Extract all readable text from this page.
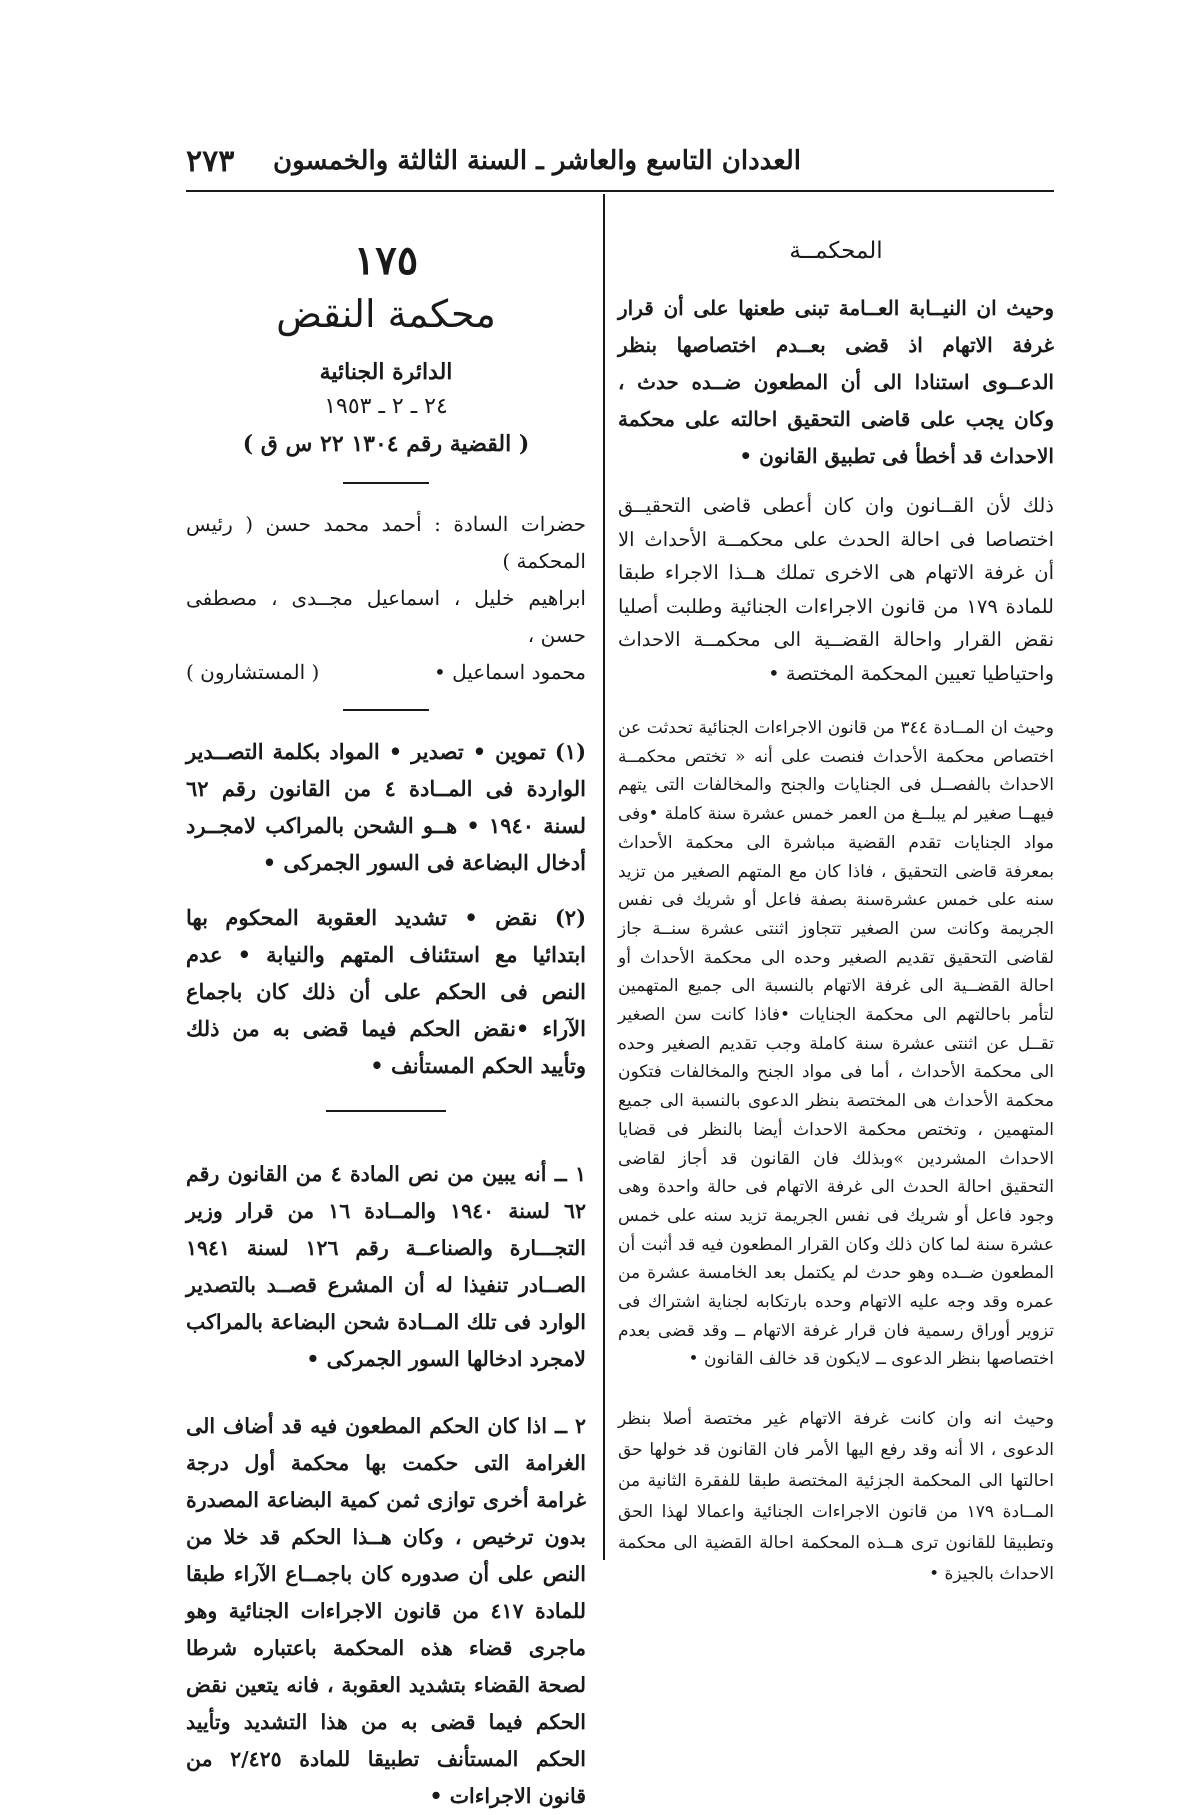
٢٧٣ العددان التاسع والعاشر ـ السنة الثالثة والخمسون
المحكمــة

وحيث ان النيــابة العــامة تبنى طعنها على أن قرار غرفة الاتهام اذ قضى بعــدم اختصاصها بنظر الدعــوى استنادا الى أن المطعون ضــده حدث ، وكان يجب على قاضى التحقيق احالته على محكمة الاحداث قد أخطأ فى تطبيق القانون •

ذلك لأن القــانون وان كان أعطى قاضى التحقيــق اختصاصا فى احالة الحدث على محكمــة الأحداث الا أن غرفة الاتهام هى الاخرى تملك هــذا الاجراء طبقا للمادة ١٧٩ من قانون الاجراءات الجنائية وطلبت أصليا نقض القرار واحالة القضــية الى محكمــة الاحداث واحتياطيا تعيين المحكمة المختصة •

وحيث ان المــادة ٣٤٤ من قانون الاجراءات الجنائية تحدثت عن اختصاص محكمة الأحداث فنصت على أنه « تختص محكمــة الاحداث بالفصــل فى الجنايات والجنح والمخالفات التى يتهم فيهــا صغير لم يبلــغ من العمر خمس عشرة سنة كاملة •وفى مواد الجنايات تقدم القضية مباشرة الى محكمة الأحداث بمعرفة قاضى التحقيق ، فاذا كان مع المتهم الصغير من تزيد سنه على خمس عشرةسنة بصفة فاعل أو شريك فى نفس الجريمة وكانت سن الصغير تتجاوز اثنتى عشرة سنــة جاز لقاضى التحقيق تقديم الصغير وحده الى محكمة الأحداث أو احالة القضــية الى غرفة الاتهام بالنسبة الى جميع المتهمين لتأمر باحالتهم الى محكمة الجنايات •فاذا كانت سن الصغير تقــل عن اثنتى عشرة سنة كاملة وجب تقديم الصغير وحده الى محكمة الأحداث ، أما فى مواد الجنح والمخالفات فتكون محكمة الأحداث هى المختصة بنظر الدعوى بالنسبة الى جميع المتهمين ، وتختص محكمة الاحداث أيضا بالنظر فى قضايا الاحداث المشردين »وبذلك فان القانون قد أجاز لقاضى التحقيق احالة الحدث الى غرفة الاتهام فى حالة واحدة وهى وجود فاعل أو شريك فى نفس الجريمة تزيد سنه على خمس عشرة سنة لما كان ذلك وكان القرار المطعون فيه قد أثبت أن المطعون ضــده وهو حدث لم يكتمل بعد الخامسة عشرة من عمره وقد وجه عليه الاتهام وحده بارتكابه لجناية اشتراك فى تزوير أوراق رسمية فان قرار غرفة الاتهام ــ وقد قضى بعدم اختصاصها بنظر الدعوى ــ لايكون قد خالف القانون •

وحيث انه وان كانت غرفة الاتهام غير مختصة أصلا بنظر الدعوى ، الا أنه وقد رفع اليها الأمر فان القانون قد خولها حق احالتها الى المحكمة الجزئية المختصة طبقا للفقرة الثانية من المــادة ١٧٩ من قانون الاجراءات الجنائية واعمالا لهذا الحق وتطبيقا للقانون ترى هــذه المحكمة احالة القضية الى محكمة الاحداث بالجيزة •

١٧٥
محكمة النقض
الدائرة الجنائية
٢٤ ـ ٢ ـ ١٩٥٣
( القضية رقم ١٣٠٤ ٢٢ س ق )
حضرات السادة : أحمد محمد حسن ( رئيس المحكمة )
ابراهيم خليل ، اسماعيل مجــدى ، مصطفى حسن ،
محمود اسماعيل •
( المستشارون )

(١) تموين • تصدير • المواد بكلمة التصــدير الواردة فى المــادة ٤ من القانون رقم ٦٢ لسنة ١٩٤٠ • هــو الشحن بالمراكب لامجــرد أدخال البضاعة فى السور الجمركى •

(٢) نقض • تشديد العقوبة المحكوم بها ابتدائيا مع استئناف المتهم والنيابة • عدم النص فى الحكم على أن ذلك كان باجماع الآراء •نقض الحكم فيما قضى به من ذلك وتأييد الحكم المستأنف •

١ ــ أنه يبين من نص المادة ٤ من القانون رقم ٦٢ لسنة ١٩٤٠ والمــادة ١٦ من قرار وزير التجـــارة والصناعــة رقم ١٢٦ لسنة ١٩٤١ الصــادر تنفيذا له أن المشرع قصــد بالتصدير الوارد فى تلك المــادة شحن البضاعة بالمراكب لامجرد ادخالها السور الجمركى •

٢ ــ اذا كان الحكم المطعون فيه قد أضاف الى الغرامة التى حكمت بها محكمة أول درجة غرامة أخرى توازى ثمن كمية البضاعة المصدرة بدون ترخيص ، وكان هــذا الحكم قد خلا من النص على أن صدوره كان باجمــاع الآراء طبقا للمادة ٤١٧ من قانون الاجراءات الجنائية وهو ماجرى قضاء هذه المحكمة باعتباره شرطا لصحة القضاء بتشديد العقوبة ، فانه يتعين نقض الحكم فيما قضى به من هذا التشديد وتأييد الحكم المستأنف تطبيقا للمادة ٢/٤٢٥ من قانون الاجراءات •
